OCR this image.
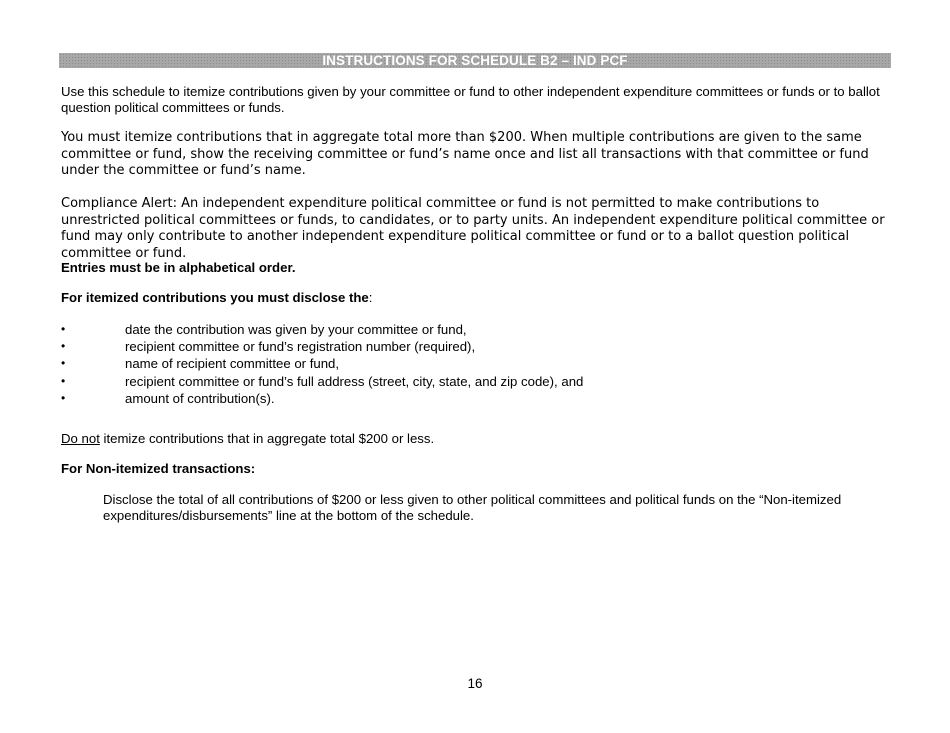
INSTRUCTIONS FOR SCHEDULE B2 – IND PCF
Use this schedule to itemize contributions given by your committee or fund to other independent expenditure committees or funds or to ballot question political committees or funds.
You must itemize contributions that in aggregate total more than $200. When multiple contributions are given to the same committee or fund, show the receiving committee or fund’s name once and list all transactions with that committee or fund under the committee or fund’s name.
Compliance Alert: An independent expenditure political committee or fund is not permitted to make contributions to unrestricted political committees or funds, to candidates, or to party units. An independent expenditure political committee or fund may only contribute to another independent expenditure political committee or fund or to a ballot question political committee or fund.
Entries must be in alphabetical order.
For itemized contributions you must disclose the:
•	date the contribution was given by your committee or fund,
•	recipient committee or fund’s registration number (required),
•	name of recipient committee or fund,
•	recipient committee or fund’s full address (street, city, state, and zip code), and
•	amount of contribution(s).
Do not itemize contributions that in aggregate total $200 or less.
For Non-itemized transactions:
Disclose the total of all contributions of $200 or less given to other political committees and political funds on the “Non-itemized expenditures/disbursements” line at the bottom of the schedule.
16
